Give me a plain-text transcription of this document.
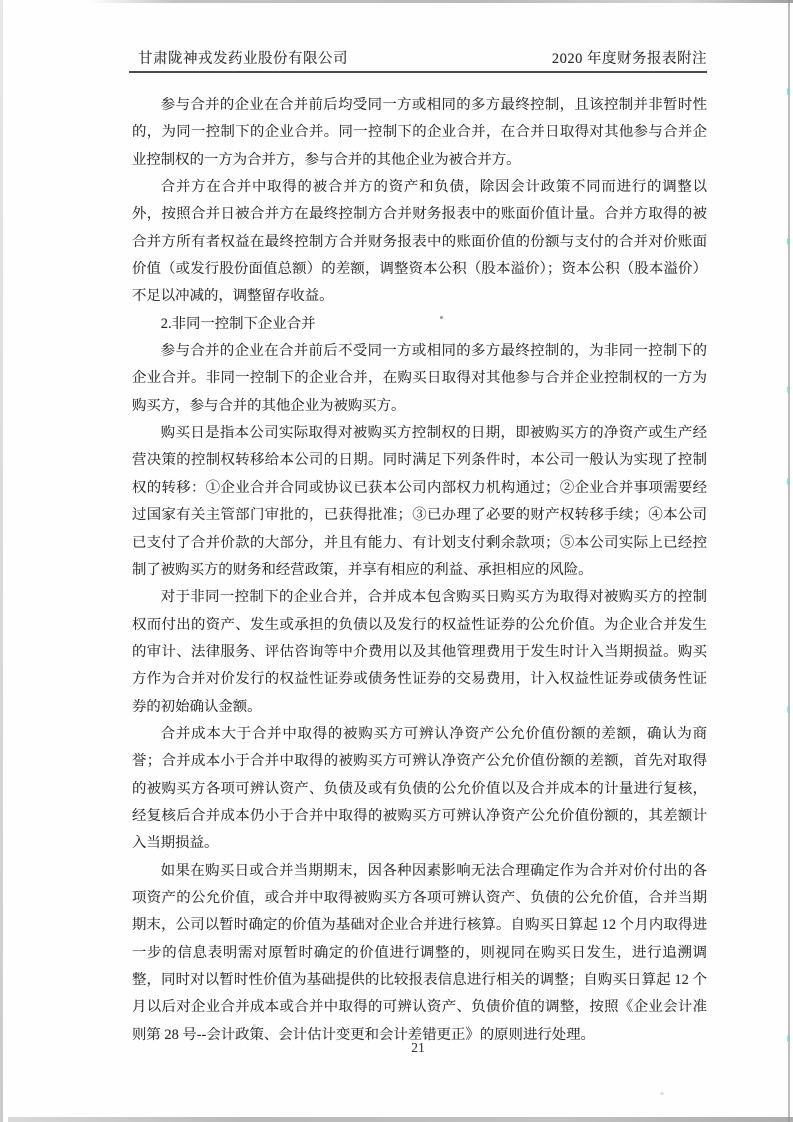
甘肃陇神戎发药业股份有限公司	2020 年度财务报表附注

参与合并的企业在合并前后均受同一方或相同的多方最终控制，且该控制并非暂时性的，为同一控制下的企业合并。同一控制下的企业合并，在合并日取得对其他参与合并企业控制权的一方为合并方，参与合并的其他企业为被合并方。

合并方在合并中取得的被合并方的资产和负债，除因会计政策不同而进行的调整以外，按照合并日被合并方在最终控制方合并财务报表中的账面价值计量。合并方取得的被合并方所有者权益在最终控制方合并财务报表中的账面价值的份额与支付的合并对价账面价值（或发行股份面值总额）的差额，调整资本公积（股本溢价）；资本公积（股本溢价）不足以冲减的，调整留存收益。

2.非同一控制下企业合并

参与合并的企业在合并前后不受同一方或相同的多方最终控制的，为非同一控制下的企业合并。非同一控制下的企业合并，在购买日取得对其他参与合并企业控制权的一方为购买方，参与合并的其他企业为被购买方。

购买日是指本公司实际取得对被购买方控制权的日期，即被购买方的净资产或生产经营决策的控制权转移给本公司的日期。同时满足下列条件时，本公司一般认为实现了控制权的转移：①企业合并合同或协议已获本公司内部权力机构通过；②企业合并事项需要经过国家有关主管部门审批的，已获得批准；③已办理了必要的财产权转移手续；④本公司已支付了合并价款的大部分，并且有能力、有计划支付剩余款项；⑤本公司实际上已经控制了被购买方的财务和经营政策，并享有相应的利益、承担相应的风险。

对于非同一控制下的企业合并，合并成本包含购买日购买方为取得对被购买方的控制权而付出的资产、发生或承担的负债以及发行的权益性证券的公允价值。为企业合并发生的审计、法律服务、评估咨询等中介费用以及其他管理费用于发生时计入当期损益。购买方作为合并对价发行的权益性证券或债务性证券的交易费用，计入权益性证券或债务性证券的初始确认金额。

合并成本大于合并中取得的被购买方可辨认净资产公允价值份额的差额，确认为商誉；合并成本小于合并中取得的被购买方可辨认净资产公允价值份额的差额，首先对取得的被购买方各项可辨认资产、负债及或有负债的公允价值以及合并成本的计量进行复核，经复核后合并成本仍小于合并中取得的被购买方可辨认净资产公允价值份额的，其差额计入当期损益。

如果在购买日或合并当期期末，因各种因素影响无法合理确定作为合并对价付出的各项资产的公允价值，或合并中取得被购买方各项可辨认资产、负债的公允价值，合并当期期末，公司以暂时确定的价值为基础对企业合并进行核算。自购买日算起 12 个月内取得进一步的信息表明需对原暂时确定的价值进行调整的，则视同在购买日发生，进行追溯调整，同时对以暂时性价值为基础提供的比较报表信息进行相关的调整；自购买日算起 12 个月以后对企业合并成本或合并中取得的可辨认资产、负债价值的调整，按照《企业会计准则第 28 号--会计政策、会计估计变更和会计差错更正》的原则进行处理。

21
